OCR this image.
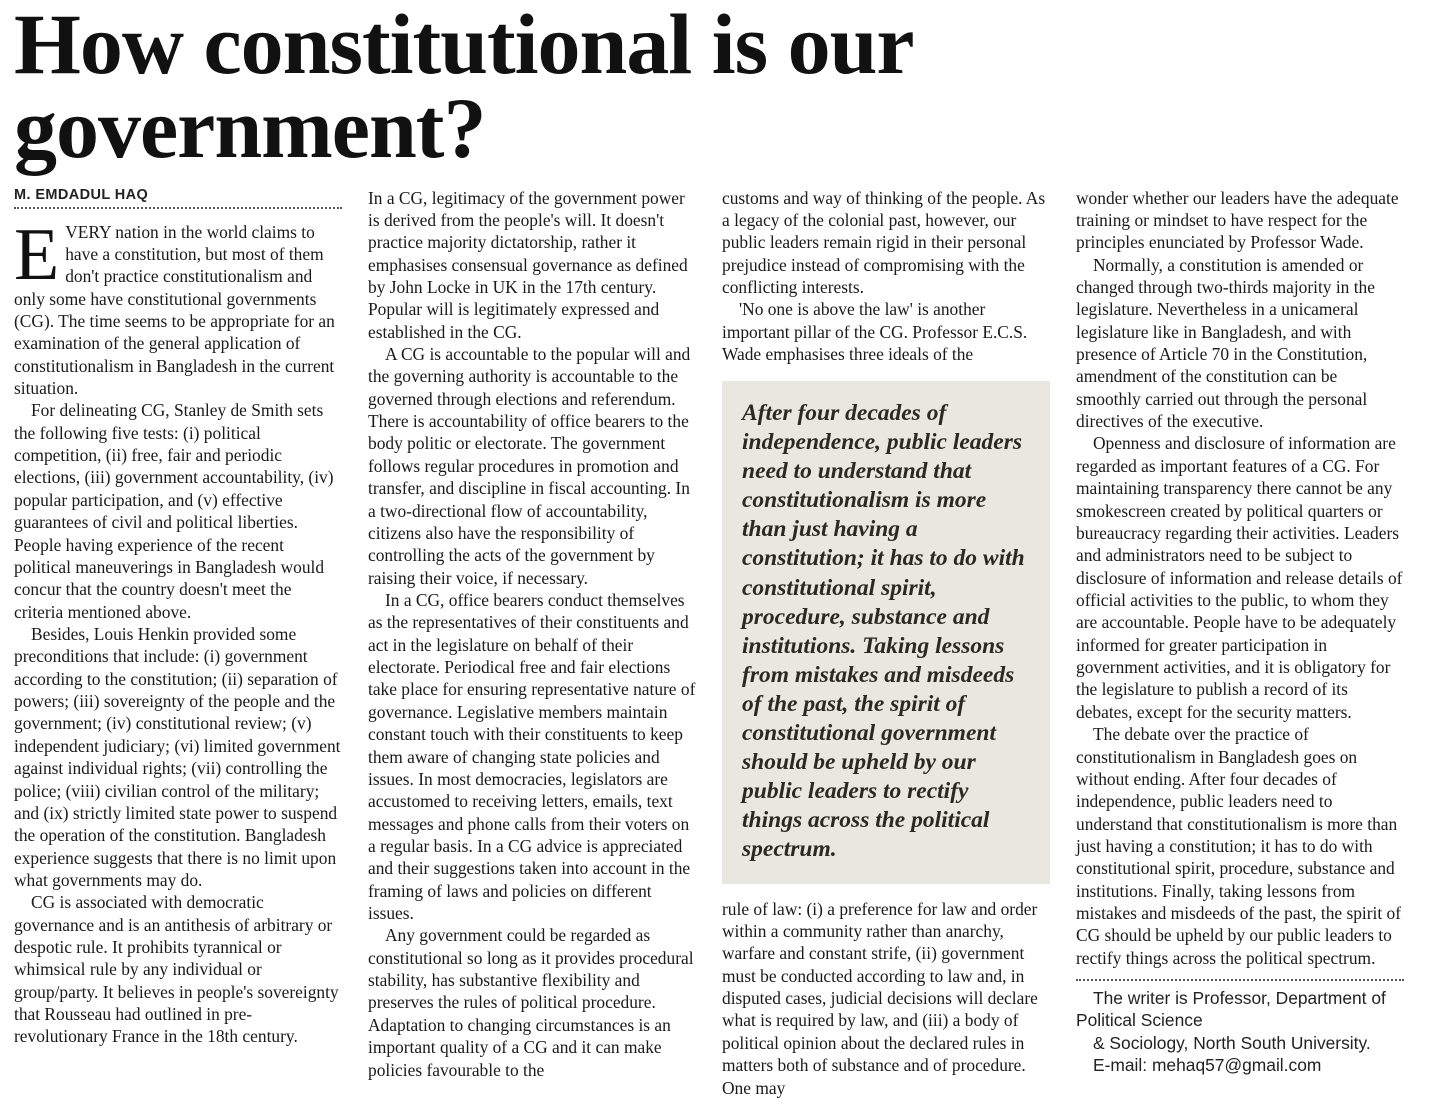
How constitutional is our government?
M. EMDADUL HAQ

EVERY nation in the world claims to have a constitution, but most of them don't practice constitutionalism and only some have constitutional governments (CG). The time seems to be appropriate for an examination of the general application of constitutionalism in Bangladesh in the current situation.

For delineating CG, Stanley de Smith sets the following five tests: (i) political competition, (ii) free, fair and periodic elections, (iii) government accountability, (iv) popular participation, and (v) effective guarantees of civil and political liberties. People having experience of the recent political maneuverings in Bangladesh would concur that the country doesn't meet the criteria mentioned above.

Besides, Louis Henkin provided some preconditions that include: (i) government according to the constitution; (ii) separation of powers; (iii) sovereignty of the people and the government; (iv) constitutional review; (v) independent judiciary; (vi) limited government against individual rights; (vii) controlling the police; (viii) civilian control of the military; and (ix) strictly limited state power to suspend the operation of the constitution. Bangladesh experience suggests that there is no limit upon what governments may do.

CG is associated with democratic governance and is an antithesis of arbitrary or despotic rule. It prohibits tyrannical or whimsical rule by any individual or group/party. It believes in people's sovereignty that Rousseau had outlined in pre-revolutionary France in the 18th century.

In a CG, legitimacy of the government power is derived from the people's will. It doesn't practice majority dictatorship, rather it emphasises consensual governance as defined by John Locke in UK in the 17th century. Popular will is legitimately expressed and established in the CG.

A CG is accountable to the popular will and the governing authority is accountable to the governed through elections and referendum. There is accountability of office bearers to the body politic or electorate. The government follows regular procedures in promotion and transfer, and discipline in fiscal accounting. In a two-directional flow of accountability, citizens also have the responsibility of controlling the acts of the government by raising their voice, if necessary.

In a CG, office bearers conduct themselves as the representatives of their constituents and act in the legislature on behalf of their electorate. Periodical free and fair elections take place for ensuring representative nature of governance. Legislative members maintain constant touch with their constituents to keep them aware of changing state policies and issues. In most democracies, legislators are accustomed to receiving letters, emails, text messages and phone calls from their voters on a regular basis. In a CG advice is appreciated and their suggestions taken into account in the framing of laws and policies on different issues.

Any government could be regarded as constitutional so long as it provides procedural stability, has substantive flexibility and preserves the rules of political procedure. Adaptation to changing circumstances is an important quality of a CG and it can make policies favourable to the

customs and way of thinking of the people. As a legacy of the colonial past, however, our public leaders remain rigid in their personal prejudice instead of compromising with the conflicting interests.

'No one is above the law' is another important pillar of the CG. Professor E.C.S. Wade emphasises three ideals of the

After four decades of independence, public leaders need to understand that constitutionalism is more than just having a constitution; it has to do with constitutional spirit, procedure, substance and institutions. Taking lessons from mistakes and misdeeds of the past, the spirit of constitutional government should be upheld by our public leaders to rectify things across the political spectrum.

rule of law: (i) a preference for law and order within a community rather than anarchy, warfare and constant strife, (ii) government must be conducted according to law and, in disputed cases, judicial decisions will declare what is required by law, and (iii) a body of political opinion about the declared rules in matters both of substance and of procedure. One may

wonder whether our leaders have the adequate training or mindset to have respect for the principles enunciated by Professor Wade.

Normally, a constitution is amended or changed through two-thirds majority in the legislature. Nevertheless in a unicameral legislature like in Bangladesh, and with presence of Article 70 in the Constitution, amendment of the constitution can be smoothly carried out through the personal directives of the executive.

Openness and disclosure of information are regarded as important features of a CG. For maintaining transparency there cannot be any smokescreen created by political quarters or bureaucracy regarding their activities. Leaders and administrators need to be subject to disclosure of information and release details of official activities to the public, to whom they are accountable. People have to be adequately informed for greater participation in government activities, and it is obligatory for the legislature to publish a record of its debates, except for the security matters.

The debate over the practice of constitutionalism in Bangladesh goes on without ending. After four decades of independence, public leaders need to understand that constitutionalism is more than just having a constitution; it has to do with constitutional spirit, procedure, substance and institutions. Finally, taking lessons from mistakes and misdeeds of the past, the spirit of CG should be upheld by our public leaders to rectify things across the political spectrum.

The writer is Professor, Department of Political Science

& Sociology, North South University.

E-mail: mehaq57@gmail.com
